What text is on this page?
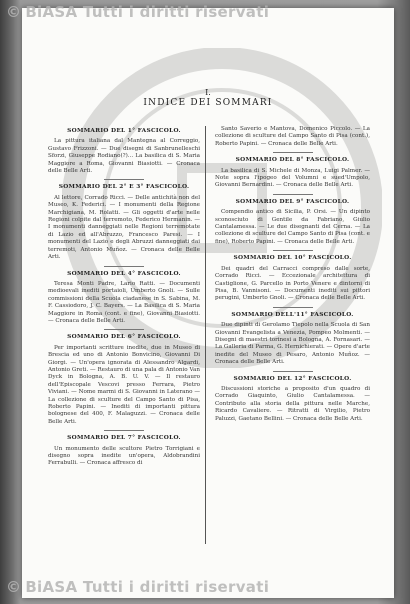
I.
INDICE DEI SOMMARI
SOMMARIO DEL 1° FASCICOLO.

La pittura italiana dal Mantegna al Correggio, Gustavo Frizzoni. — Due disegni di Sanbrunelleschi Sforzi, Giuseppe Rodiano(?)... La basilica di S. Maria Maggiore a Roma, Giovanni Biasiotti. — Cronaca delle Belle Arti.

SOMMARIO DEL 2° E 3° FASCICOLO.

Al lettore, Corrado Ricci. — Delle antichità non del Museo, K. Federici. — I monumenti della Regione Marchigiana, M. Rolatti. — Gli oggetti d'arte nelle Regioni colpite dal terremoto, Federico Hermanin. — I monumenti danneggiati nelle Regioni terremotate di Lazio ed all'Abruzzo, Francesco Paresi. — I monumenti del Lazio e degli Abruzzi danneggiati dai terremoti, Antonio Muñoz. — Cronaca delle Belle Arti.

SOMMARIO DEL 4° FASCICOLO.

Teresa Monti Padre, Lario Ratti. — Documenti medioevali inediti portaioli, Umberto Gnoli. — Sulle commissioni della Scuola ciadanese in S. Sabina, M. F. Cassiodoro, J. C. Bayers. — La Basilica di S. Maria Maggiore in Roma (cont. e fine), Giovanni Biasiotti. — Cronaca delle Belle Arti.

SOMMARIO DEL 6° FASCICOLO.

Per importanti scritture inedite, due in Museo di Brescia ed uno di Antonio Bonvicino, Giovanni Di Giorgi. — Un'opera ignorata di Alessandro Algardi, Antonio Greti. — Restauro di una pala di Antonio Van Dyck in Bologna, A. B. U. V. — Il restauro dell'Episcopale Vescovi presso Ferrara, Pietro Viviani. — Nome marmi di S. Giovanni in Laterano — La collezione di sculture del Campo Santo di Pisa, Roberto Papini. — Inediti di importanti pittura bolognese del 400, F. Malaguzzi. — Cronaca delle Belle Arti.

SOMMARIO DEL 7° FASCICOLO.

Un monumento delle scultore Pietro Torrigiani e disegno sopra inedite un'opera, Aldobrandini Ferrabulli. — Cronaca affresco di

Santo Saverio e Mantova, Domenico Piccolo. — La collezione di sculture del Campo Santo di Pisa (cont.), Roberto Papini. — Cronaca delle Belle Arti.

SOMMARIO DEL 8° FASCICOLO.

La basilica di S. Michele di Monza, Luigi Palmer. — Note sopra l'ipogeo del Volumni e sued'Umpolo, Giovanni Bernardini. — Cronaca delle Belle Arti.

SOMMARIO DEL 9° FASCICOLO.

Compendio antico di Sicilia, P. Orsi. — Un dipinto sconosciuto di Gentile da Fabriano, Giulio Cantalamessa. — Le due disegnanti del Cerna. — La collezione di sculture del Campo Santo di Pisa (cont. e fine), Roberto Papini. — Cronaca delle Belle Arti.

SOMMARIO DEL 10° FASCICOLO.

Dei quadri del Carracci compreso dalle sorte, Corrado Ricci. — Eccezionale architettura di Castiglione, G. Parcello in Porto Venere e dintorni di Pisa, B. Vannisoni. — Documenti inediti sui pittori perugini, Umberto Gnoli. — Cronaca delle Belle Arti.

SOMMARIO DELL'11° FASCICOLO.

Due dipinti di Gerolamo Tiepolo nella Scuola di San Giovanni Evangelista a Venezia, Pompeo Molmenti. — Disegni di maestri torinesi a Bologna, A. Fornasari. — La Galleria di Parma, G. Hernichierati. — Opere d'arte inedite del Museo di Pesaro, Antonio Muñoz. — Cronaca delle Belle Arti.

SOMMARIO DEL 12° FASCICOLO.

Discussioni storiche a proposito d'un quadro di Corrado Giaquinto, Giulio Cantalamessa. — Contributo alla storia della pittura nelle Marche, Ricardo Cavaliere. — Ritratti di Virgilio, Pietro Paluzzi, Gaetano Bellini. — Cronaca delle Belle Arti.

© BiASA Tutti i diritti riservati
© BiASA Tutti i diritti riservati
